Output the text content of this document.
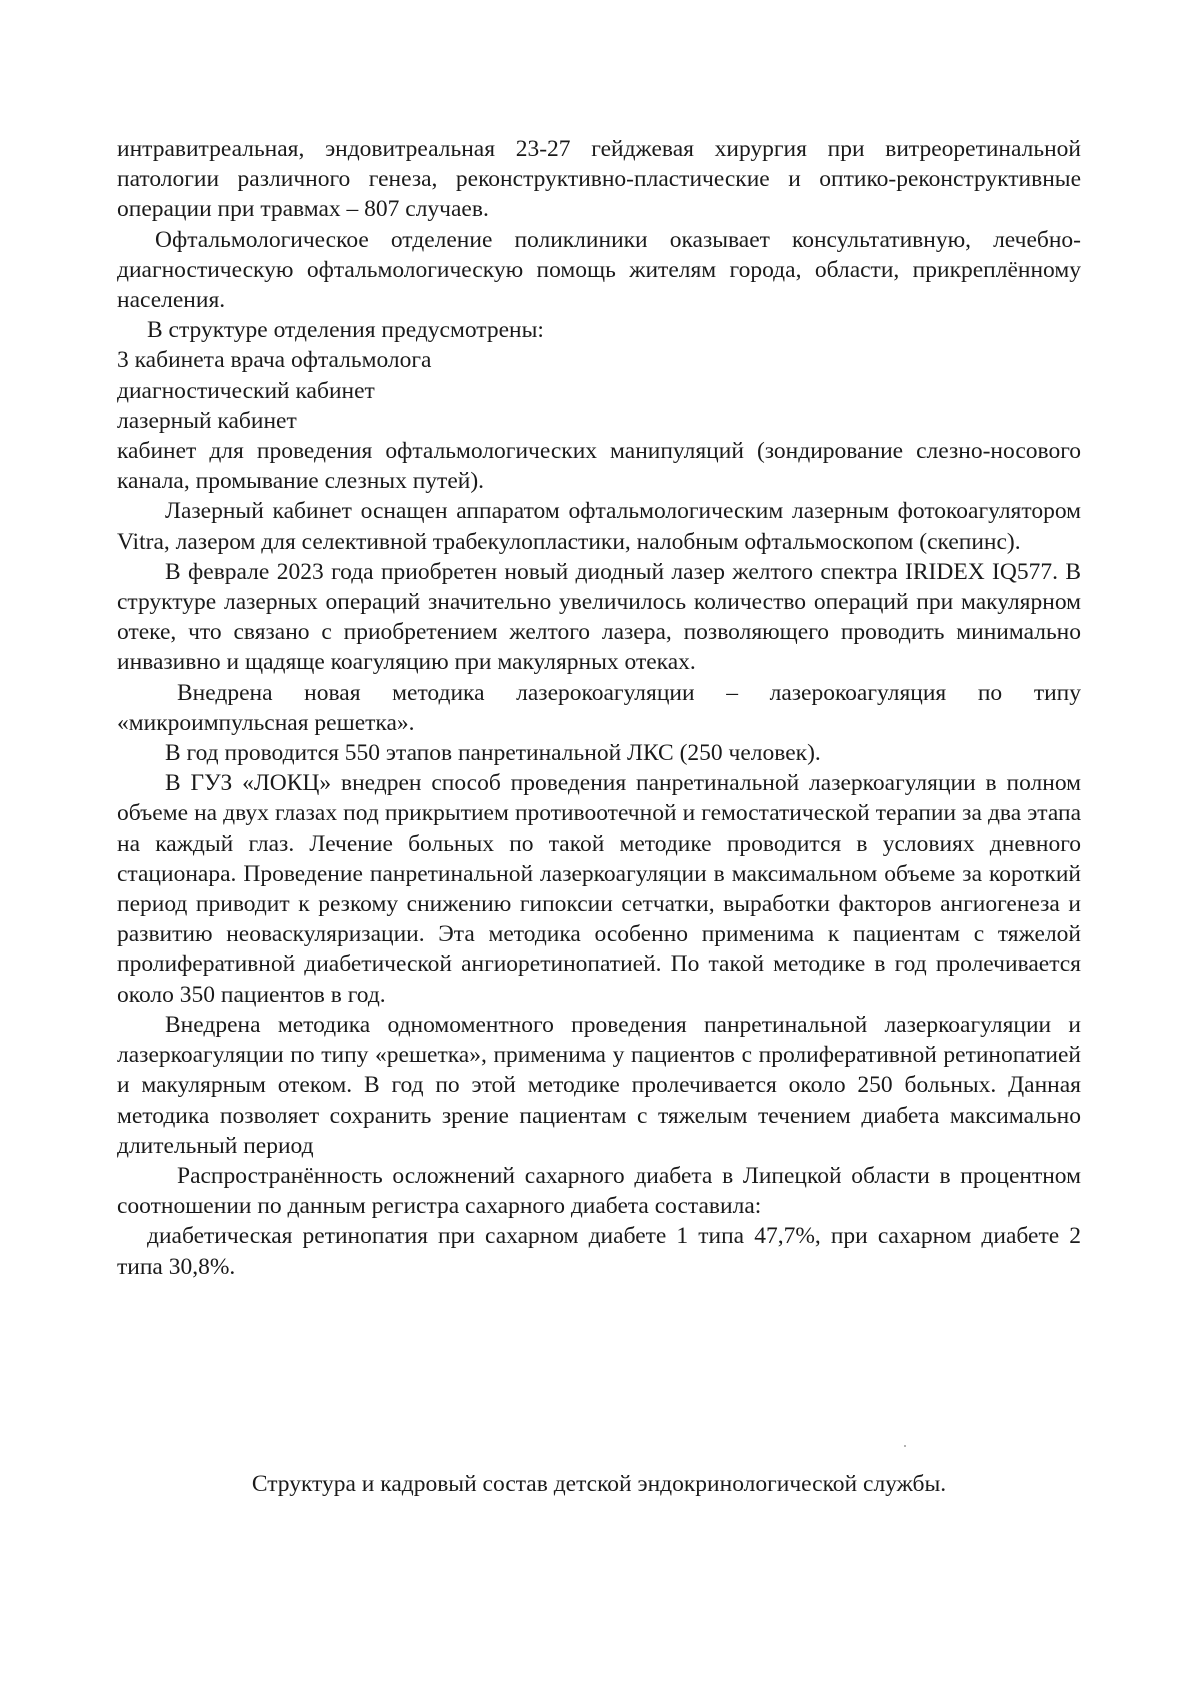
интравитреальная, эндовитреальная 23-27 гейджевая хирургия при витреоретинальной патологии различного генеза, реконструктивно-пластические и оптико-реконструктивные операции при травмах – 807 случаев.

Офтальмологическое отделение поликлиники оказывает консультативную, лечебно-диагностическую офтальмологическую помощь жителям города, области, прикреплённому населения.

В структуре отделения предусмотрены:

3 кабинета врача офтальмолога

диагностический кабинет

лазерный кабинет

кабинет для проведения офтальмологических манипуляций (зондирование слезно-носового канала, промывание слезных путей).

Лазерный кабинет оснащен аппаратом офтальмологическим лазерным фотокоагулятором Vitra, лазером для селективной трабекулопластики, налобным офтальмоскопом (скепинс).

В феврале 2023 года приобретен новый диодный лазер желтого спектра IRIDEX IQ577. В структуре лазерных операций значительно увеличилось количество операций при макулярном отеке, что связано с приобретением желтого лазера, позволяющего проводить минимально инвазивно и щадяще коагуляцию при макулярных отеках.

Внедрена новая методика лазерокоагуляции – лазерокоагуляция по типу «микроимпульсная решетка».

В год проводится 550 этапов панретинальной ЛКС (250 человек).

В ГУЗ «ЛОКЦ» внедрен способ проведения панретинальной лазеркоагуляции в полном объеме на двух глазах под прикрытием противоотечной и гемостатической терапии за два этапа на каждый глаз. Лечение больных по такой методике проводится в условиях дневного стационара. Проведение панретинальной лазеркоагуляции в максимальном объеме за короткий период приводит к резкому снижению гипоксии сетчатки, выработки факторов ангиогенеза и развитию неоваскуляризации. Эта методика особенно применима к пациентам с тяжелой пролиферативной диабетической ангиоретинопатией. По такой методике в год пролечивается около 350 пациентов в год.

Внедрена методика одномоментного проведения панретинальной лазеркоагуляции и лазеркоагуляции по типу «решетка», применима у пациентов с пролиферативной ретинопатией и макулярным отеком. В год по этой методике пролечивается около 250 больных. Данная методика позволяет сохранить зрение пациентам с тяжелым течением диабета максимально длительный период

Распространённость осложнений сахарного диабета в Липецкой области в процентном соотношении по данным регистра сахарного диабета составила:

диабетическая ретинопатия при сахарном диабете 1 типа 47,7%, при сахарном диабете 2 типа 30,8%.

Структура и кадровый состав детской эндокринологической службы.
